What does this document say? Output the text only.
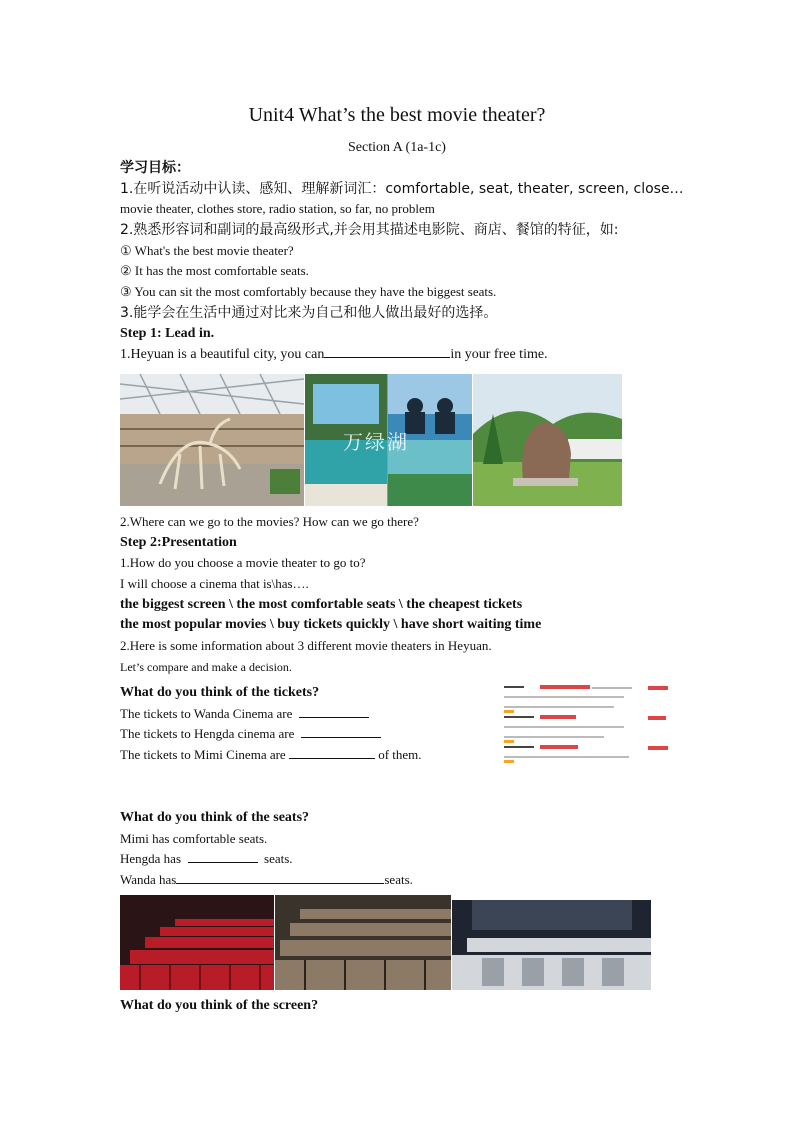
Unit4 What’s the best movie theater?
Section A (1a-1c)
学习目标：
1.在听说活动中认读、感知、理解新词汇：comfortable, seat, theater, screen, close…
movie theater, clothes store, radio station, so far, no problem
2.熟悉形容词和副词的最高级形式,并会用其描述电影院、商店、餐馆的特征，如:
① What's the best movie theater?
② It has the most comfortable seats.
③ You can sit the most comfortably because they have the biggest seats.
3.能学会在生活中通过对比来为自己和他人做出最好的选择。
Step 1: Lead in.
1.Heyuan is a beautiful city, you can	in your free time.
万绿湖
2.Where can we go to the movies? How can we go there?
Step 2:Presentation
1.How do you choose a movie theater to go to?
I will choose a cinema that is\has….
the biggest screen \ the most comfortable seats \ the cheapest tickets
the most popular movies \ buy tickets quickly \ have short waiting time
2.Here is some information about 3 different movie theaters in Heyuan.
Let’s compare and make a decision.
What do you think of the tickets?
The tickets to Wanda Cinema are
The tickets to Hengda cinema are
The tickets to Mimi Cinema are	of them.
What do you think of the seats?
Mimi has comfortable seats.
Hengda has	seats.
Wanda has	seats.
What do you think of the screen?
